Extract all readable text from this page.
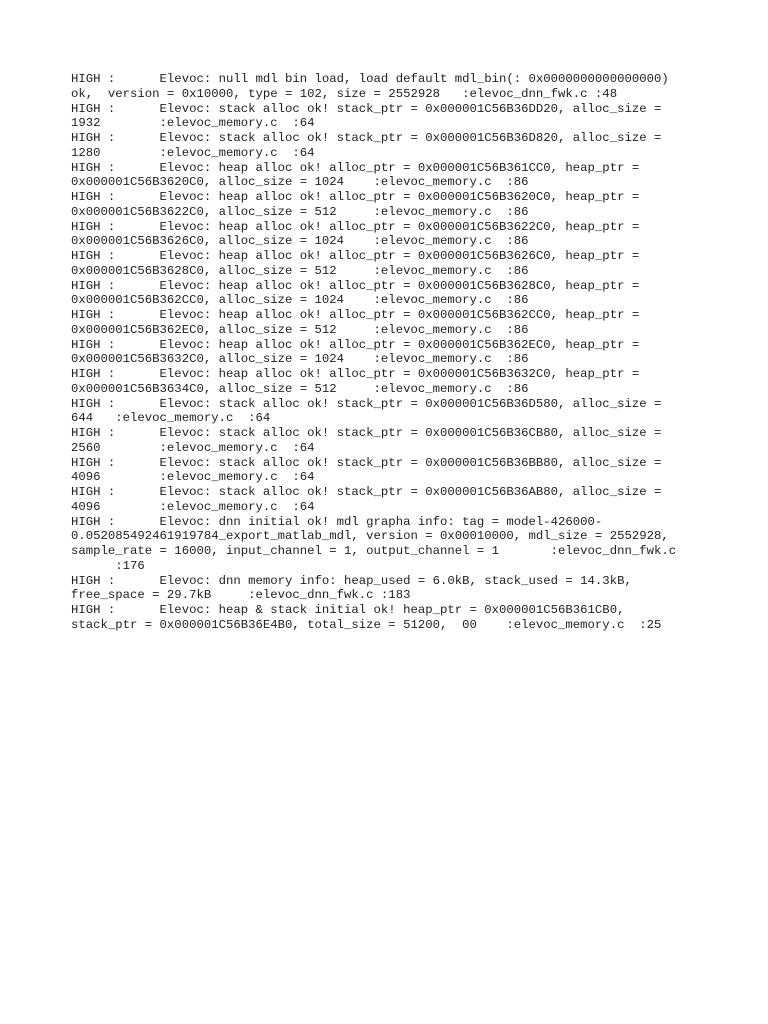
HIGH :      Elevoc: null mdl bin load, load default mdl_bin(: 0x0000000000000000)

ok,  version = 0x10000, type = 102, size = 2552928   :elevoc_dnn_fwk.c :48

HIGH :      Elevoc: stack alloc ok! stack_ptr = 0x000001C56B36DD20, alloc_size =

1932        :elevoc_memory.c  :64

HIGH :      Elevoc: stack alloc ok! stack_ptr = 0x000001C56B36D820, alloc_size =

1280        :elevoc_memory.c  :64

HIGH :      Elevoc: heap alloc ok! alloc_ptr = 0x000001C56B361CC0, heap_ptr =

0x000001C56B3620C0, alloc_size = 1024    :elevoc_memory.c  :86

HIGH :      Elevoc: heap alloc ok! alloc_ptr = 0x000001C56B3620C0, heap_ptr =

0x000001C56B3622C0, alloc_size = 512     :elevoc_memory.c  :86

HIGH :      Elevoc: heap alloc ok! alloc_ptr = 0x000001C56B3622C0, heap_ptr =

0x000001C56B3626C0, alloc_size = 1024    :elevoc_memory.c  :86

HIGH :      Elevoc: heap alloc ok! alloc_ptr = 0x000001C56B3626C0, heap_ptr =

0x000001C56B3628C0, alloc_size = 512     :elevoc_memory.c  :86

HIGH :      Elevoc: heap alloc ok! alloc_ptr = 0x000001C56B3628C0, heap_ptr =

0x000001C56B362CC0, alloc_size = 1024    :elevoc_memory.c  :86

HIGH :      Elevoc: heap alloc ok! alloc_ptr = 0x000001C56B362CC0, heap_ptr =

0x000001C56B362EC0, alloc_size = 512     :elevoc_memory.c  :86

HIGH :      Elevoc: heap alloc ok! alloc_ptr = 0x000001C56B362EC0, heap_ptr =

0x000001C56B3632C0, alloc_size = 1024    :elevoc_memory.c  :86

HIGH :      Elevoc: heap alloc ok! alloc_ptr = 0x000001C56B3632C0, heap_ptr =

0x000001C56B3634C0, alloc_size = 512     :elevoc_memory.c  :86

HIGH :      Elevoc: stack alloc ok! stack_ptr = 0x000001C56B36D580, alloc_size =

644   :elevoc_memory.c  :64

HIGH :      Elevoc: stack alloc ok! stack_ptr = 0x000001C56B36CB80, alloc_size =

2560        :elevoc_memory.c  :64

HIGH :      Elevoc: stack alloc ok! stack_ptr = 0x000001C56B36BB80, alloc_size =

4096        :elevoc_memory.c  :64

HIGH :      Elevoc: stack alloc ok! stack_ptr = 0x000001C56B36AB80, alloc_size =

4096        :elevoc_memory.c  :64

HIGH :      Elevoc: dnn initial ok! mdl grapha info: tag = model-426000-

0.052085492461919784_export_matlab_mdl, version = 0x00010000, mdl_size = 2552928,

sample_rate = 16000, input_channel = 1, output_channel = 1       :elevoc_dnn_fwk.c

:176

HIGH :      Elevoc: dnn memory info: heap_used = 6.0kB, stack_used = 14.3kB,

free_space = 29.7kB     :elevoc_dnn_fwk.c :183

HIGH :      Elevoc: heap & stack initial ok! heap_ptr = 0x000001C56B361CB0,

stack_ptr = 0x000001C56B36E4B0, total_size = 51200,  00    :elevoc_memory.c  :25
